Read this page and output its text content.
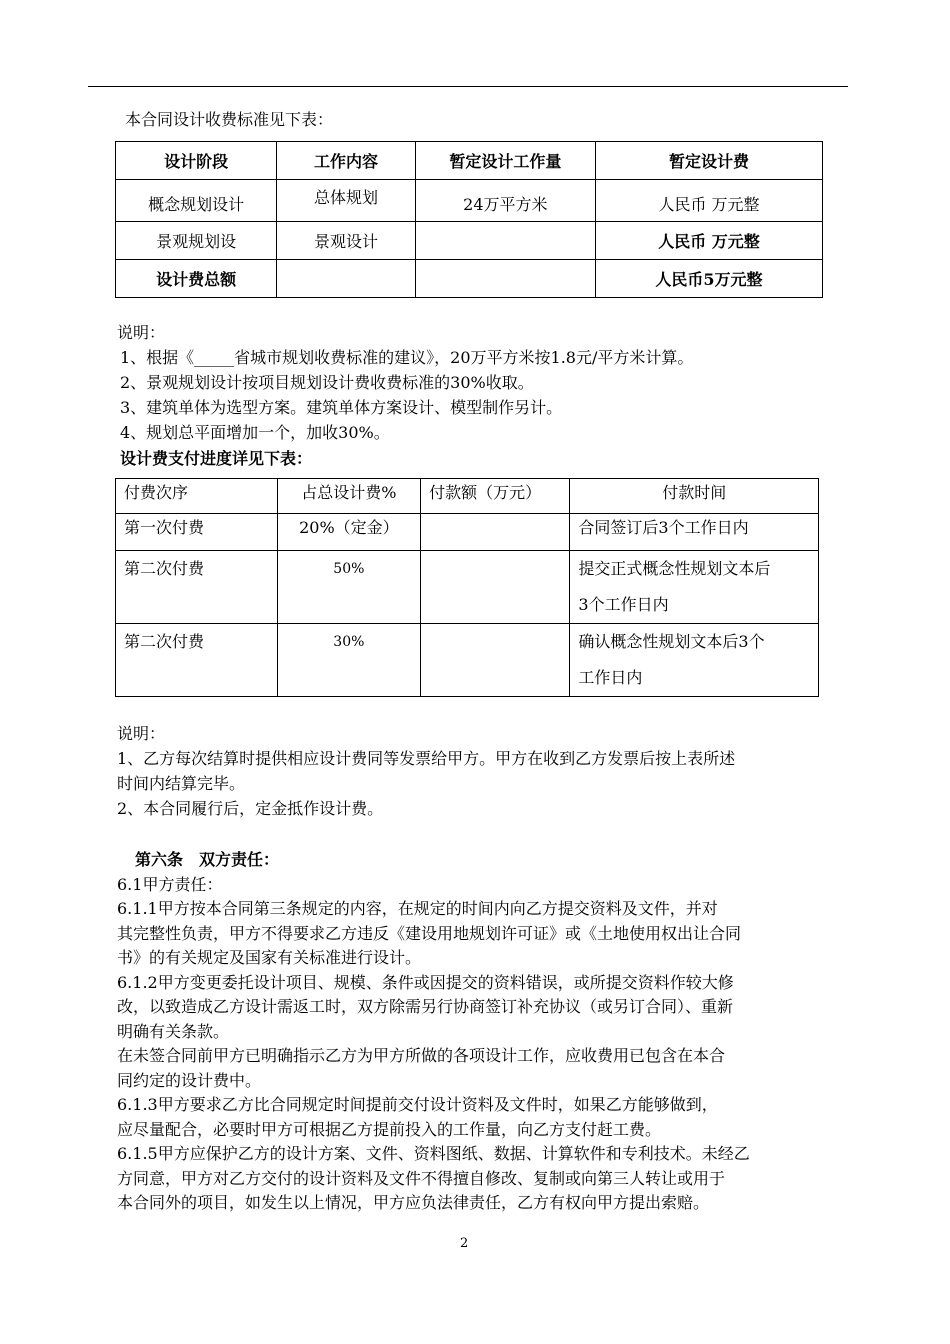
本合同设计收费标准见下表：
设计阶段	工作内容	暂定设计工作量	暂定设计费
概念规划设计	总体规划	24万平方米	人民币 万元整
景观规划设	景观设计		人民币 万元整
设计费总额			人民币5万元整
说明：
1、根据《_____省城市规划收费标准的建议》，20万平方米按1.8元/平方米计算。
2、景观规划设计按项目规划设计费收费标准的30%收取。
3、建筑单体为选型方案。建筑单体方案设计、模型制作另计。
4、规划总平面增加一个，加收30%。
设计费支付进度详见下表：
付费次序	占总设计费%	付款额（万元）	付款时间
第一次付费	20%（定金）		合同签订后3个工作日内
第二次付费	50%		提交正式概念性规划文本后
3个工作日内

第二次付费	30%		确认概念性规划文本后3个
工作日内
说明：
1、乙方每次结算时提供相应设计费同等发票给甲方。甲方在收到乙方发票后按上表所述
时间内结算完毕。
2、本合同履行后，定金抵作设计费。
第六条　双方责任：
6.1甲方责任：
6.1.1甲方按本合同第三条规定的内容，在规定的时间内向乙方提交资料及文件，并对
其完整性负责，甲方不得要求乙方违反《建设用地规划许可证》或《土地使用权出让合同
书》的有关规定及国家有关标准进行设计。
6.1.2甲方变更委托设计项目、规模、条件或因提交的资料错误，或所提交资料作较大修
改，以致造成乙方设计需返工时，双方除需另行协商签订补充协议（或另订合同）、重新
明确有关条款。
在未签合同前甲方已明确指示乙方为甲方所做的各项设计工作，应收费用已包含在本合
同约定的设计费中。
6.1.3甲方要求乙方比合同规定时间提前交付设计资料及文件时，如果乙方能够做到，
应尽量配合，必要时甲方可根据乙方提前投入的工作量，向乙方支付赶工费。
6.1.5甲方应保护乙方的设计方案、文件、资料图纸、数据、计算软件和专利技术。未经乙
方同意，甲方对乙方交付的设计资料及文件不得擅自修改、复制或向第三人转让或用于
本合同外的项目，如发生以上情况，甲方应负法律责任，乙方有权向甲方提出索赔。
2
